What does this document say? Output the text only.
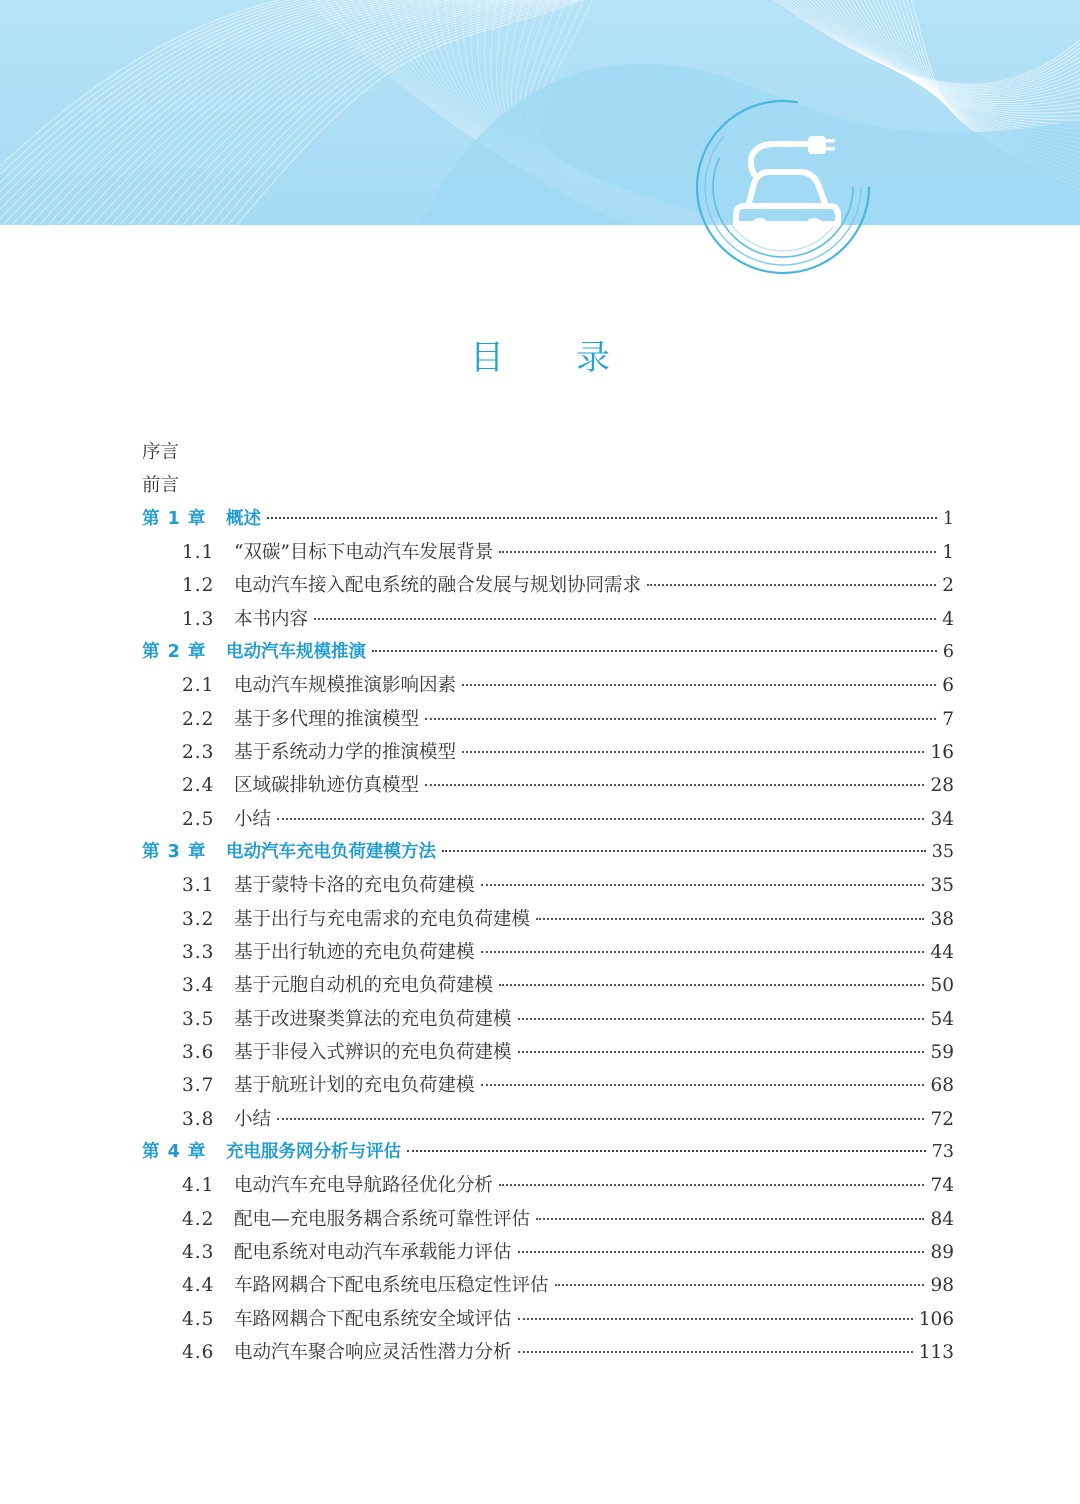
目 录
序言
前言
第 1 章	概述	1
1.1	“双碳”目标下电动汽车发展背景	1
1.2	电动汽车接入配电系统的融合发展与规划协同需求	2
1.3	本书内容	4
第 2 章	电动汽车规模推演	6
2.1	电动汽车规模推演影响因素	6
2.2	基于多代理的推演模型	7
2.3	基于系统动力学的推演模型	16
2.4	区域碳排轨迹仿真模型	28
2.5	小结	34
第 3 章	电动汽车充电负荷建模方法	35
3.1	基于蒙特卡洛的充电负荷建模	35
3.2	基于出行与充电需求的充电负荷建模	38
3.3	基于出行轨迹的充电负荷建模	44
3.4	基于元胞自动机的充电负荷建模	50
3.5	基于改进聚类算法的充电负荷建模	54
3.6	基于非侵入式辨识的充电负荷建模	59
3.7	基于航班计划的充电负荷建模	68
3.8	小结	72
第 4 章	充电服务网分析与评估	73
4.1	电动汽车充电导航路径优化分析	74
4.2	配电—充电服务耦合系统可靠性评估	84
4.3	配电系统对电动汽车承载能力评估	89
4.4	车路网耦合下配电系统电压稳定性评估	98
4.5	车路网耦合下配电系统安全域评估	106
4.6	电动汽车聚合响应灵活性潜力分析	113
